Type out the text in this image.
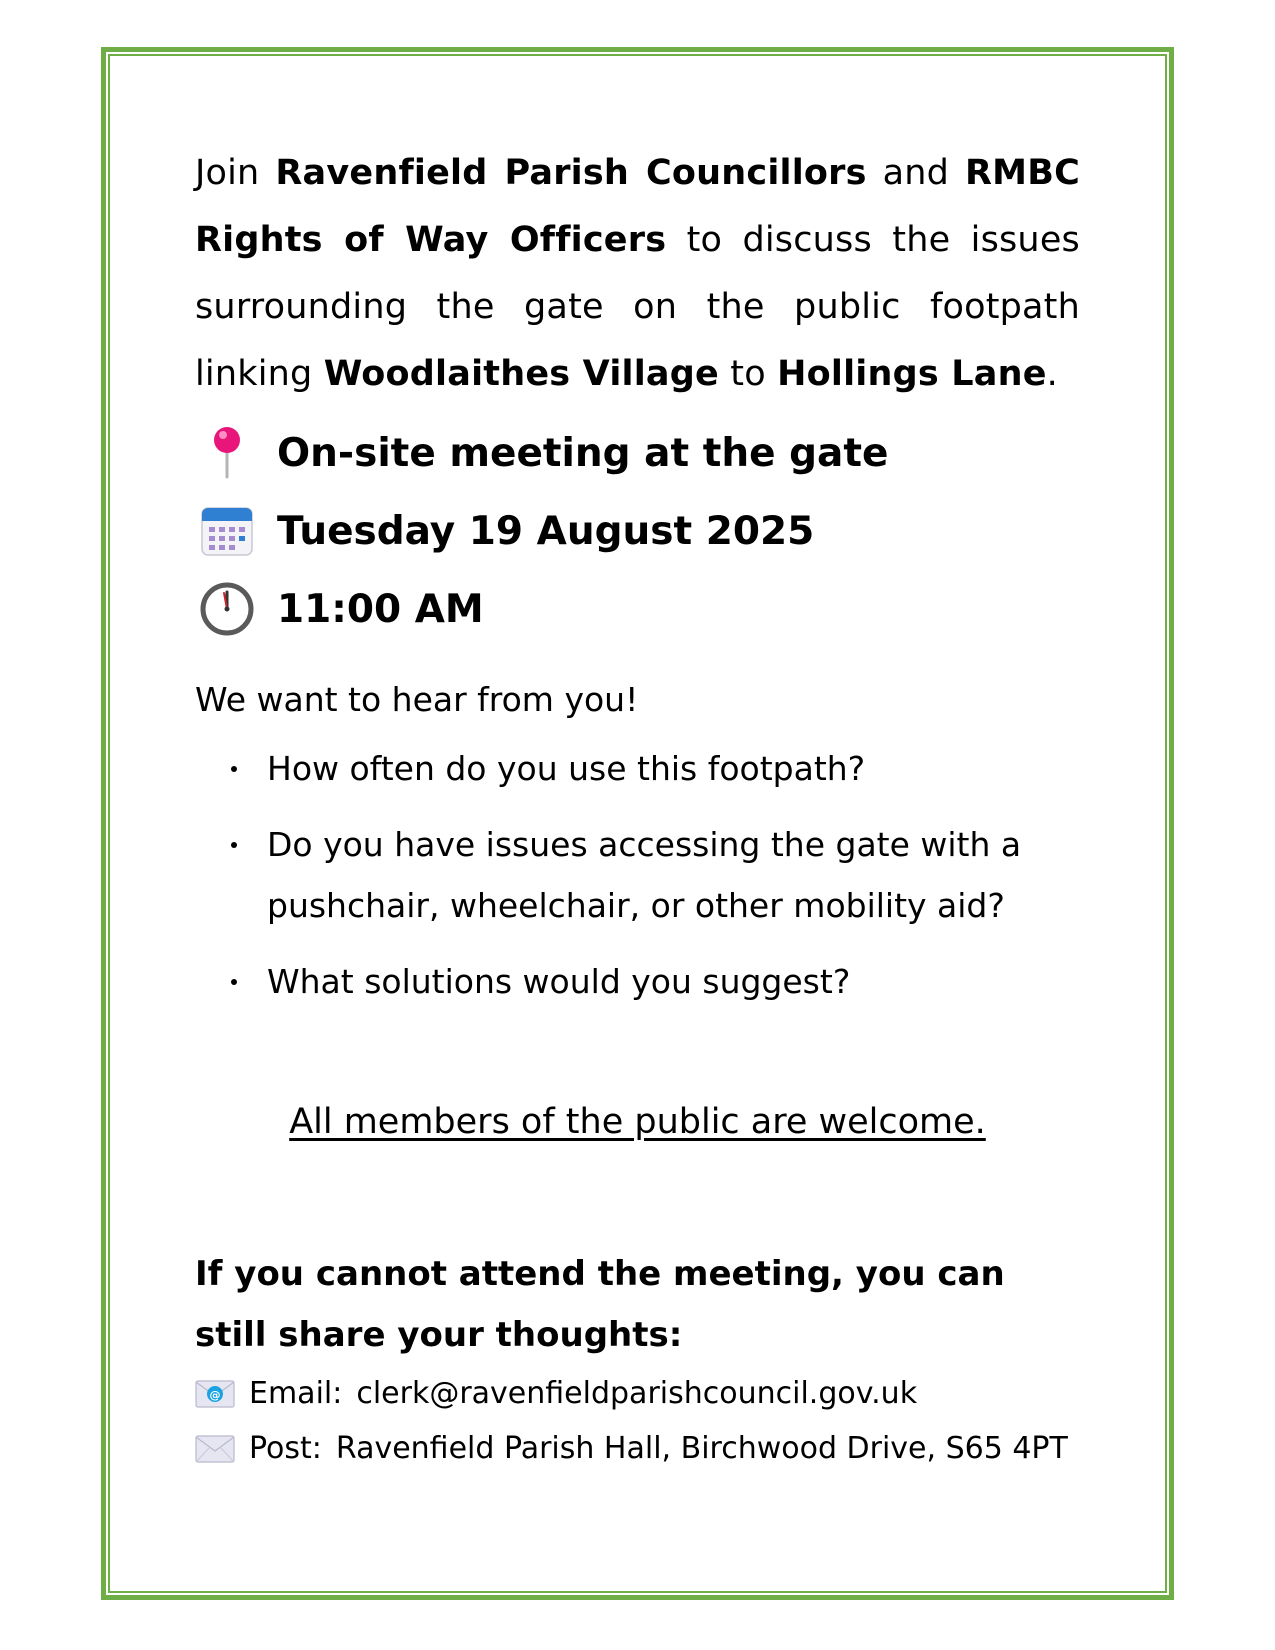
Join Ravenfield Parish Councillors and RMBC Rights of Way Officers to discuss the issues surrounding the gate on the public footpath linking Woodlaithes Village to Hollings Lane.

On-site meeting at the gate
Tuesday 19 August 2025
11:00 AM
We want to hear from you!
How often do you use this footpath?
Do you have issues accessing the gate with a pushchair, wheelchair, or other mobility aid?
What solutions would you suggest?
All members of the public are welcome.
If you cannot attend the meeting, you can still share your thoughts:
@ Email: clerk@ravenfieldparishcouncil.gov.uk
Post: Ravenfield Parish Hall, Birchwood Drive, S65 4PT
